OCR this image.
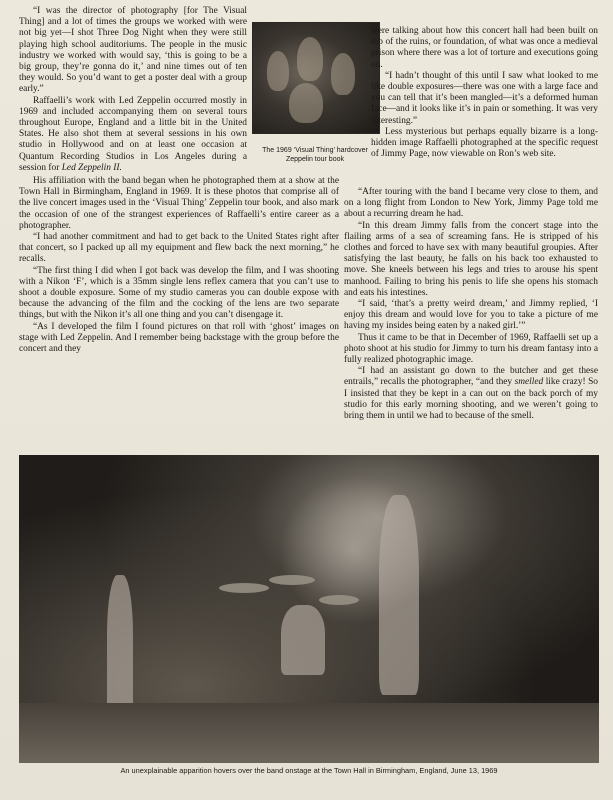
“I was the director of photography [for The Visual Thing] and a lot of times the groups we worked with were not big yet—I shot Three Dog Night when they were still playing high school auditoriums. The people in the music industry we worked with would say, ‘this is going to be a big group, they’re gonna do it,’ and nine times out of ten they would. So you’d want to get a poster deal with a group early.”

Raffaelli’s work with Led Zeppelin occurred mostly in 1969 and included accompanying them on several tours throughout Europe, England and a little bit in the United States. He also shot them at several sessions in his own studio in Hollywood and on at least one occasion at Quantum Recording Studios in Los Angeles during a session for Led Zeppelin II.

His affiliation with the band began when he photographed them at a show at the Town Hall in Birmingham, England in 1969. It is these photos that comprise all of the live concert images used in the ‘Visual Thing’ Zeppelin tour book, and also mark the occasion of one of the strangest experiences of Raffaelli’s entire career as a photographer.

“I had another commitment and had to get back to the United States right after that concert, so I packed up all my equipment and flew back the next morning,” he recalls.

“The first thing I did when I got back was develop the film, and I was shooting with a Nikon ‘F’, which is a 35mm single lens reflex camera that you can’t use to shoot a double exposure. Some of my studio cameras you can double expose with because the advancing of the film and the cocking of the lens are two separate things, but with the Nikon it’s all one thing and you can’t disengage it.

“As I developed the film I found pictures on that roll with ‘ghost’ images on stage with Led Zeppelin. And I remember being backstage with the group before the concert and they

The 1969 ‘Visual Thing’ hardcover Zeppelin tour book

were talking about how this concert hall had been built on top of the ruins, or foundation, of what was once a medieval prison where there was a lot of torture and executions going on.

“I hadn’t thought of this until I saw what looked to me like double exposures—there was one with a large face and you can tell that it’s been mangled—it’s a deformed human face—and it looks like it’s in pain or something. It was very interesting.”

Less mysterious but perhaps equally bizarre is a long-hidden image Raffaelli photographed at the specific request of Jimmy Page, now viewable on Ron’s web site.

“After touring with the band I became very close to them, and on a long flight from London to New York, Jimmy Page told me about a recurring dream he had.

“In this dream Jimmy falls from the concert stage into the flailing arms of a sea of screaming fans. He is stripped of his clothes and forced to have sex with many beautiful groupies. After satisfying the last beauty, he falls on his back too exhausted to move. She kneels between his legs and tries to arouse his spent manhood. Failing to bring his penis to life she opens his stomach and eats his intestines.

“I said, ‘that’s a pretty weird dream,’ and Jimmy replied, ‘I enjoy this dream and would love for you to take a picture of me having my insides being eaten by a naked girl.’”

Thus it came to be that in December of 1969, Raffaelli set up a photo shoot at his studio for Jimmy to turn his dream fantasy into a fully realized photographic image.

“I had an assistant go down to the butcher and get these entrails,” recalls the photographer, “and they smelled like crazy! So I insisted that they be kept in a can out on the back porch of my studio for this early morning shooting, and we weren’t going to bring them in until we had to because of the smell.

An unexplainable apparition hovers over the band onstage at the Town Hall in Birmingham, England, June 13, 1969
